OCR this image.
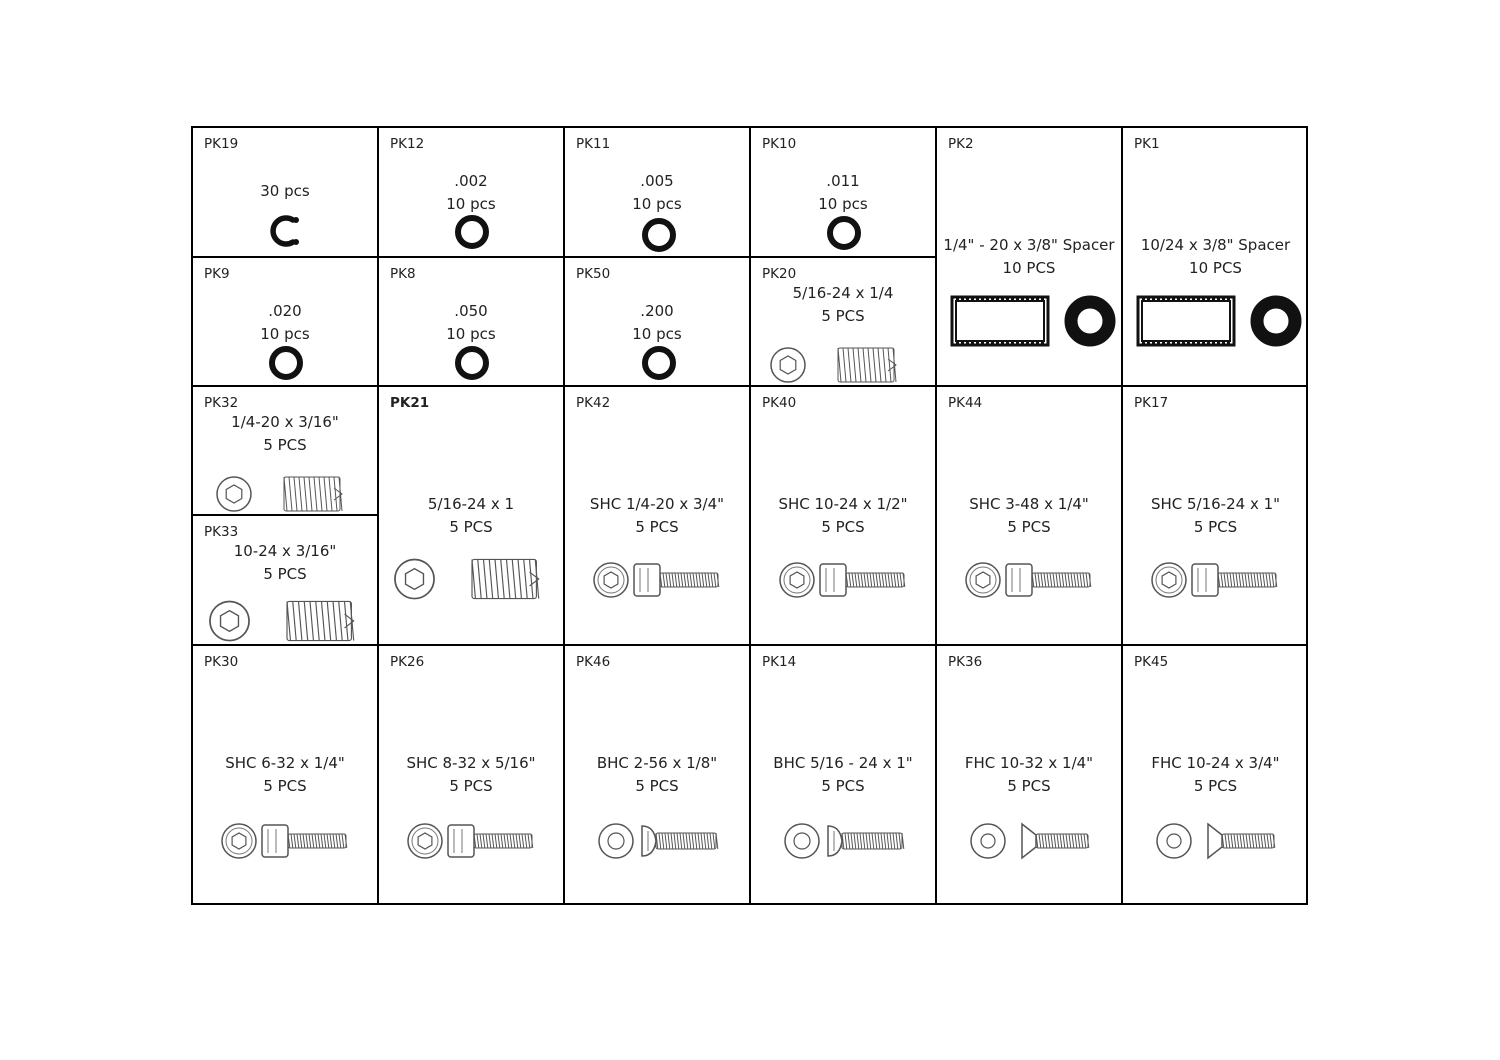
PK19
30 pcs
PK12
.002
10 pcs
PK11
.005
10 pcs
PK10
.011
10 pcs
PK2
1/4" - 20 x 3/8" Spacer
10 PCS
PK1
10/24 x 3/8" Spacer
10 PCS
PK9
.020
10 pcs
PK8
.050
10 pcs
PK50
.200
10 pcs
PK20
5/16-24 x 1/4
5 PCS
PK32
1/4-20 x 3/16"
5 PCS
PK21
5/16-24 x 1
5 PCS
PK42
SHC 1/4-20 x 3/4"
5 PCS
PK40
SHC 10-24 x 1/2"
5 PCS
PK44
SHC 3-48 x 1/4"
5 PCS
PK17
SHC 5/16-24 x 1"
5 PCS
PK33
10-24 x 3/16"
5 PCS
PK30
SHC 6-32 x 1/4"
5 PCS
PK26
SHC 8-32 x 5/16"
5 PCS
PK46
BHC 2-56 x 1/8"
5 PCS
PK14
BHC 5/16 - 24 x 1"
5 PCS
PK36
FHC 10-32 x 1/4"
5 PCS
PK45
FHC 10-24 x 3/4"
5 PCS
